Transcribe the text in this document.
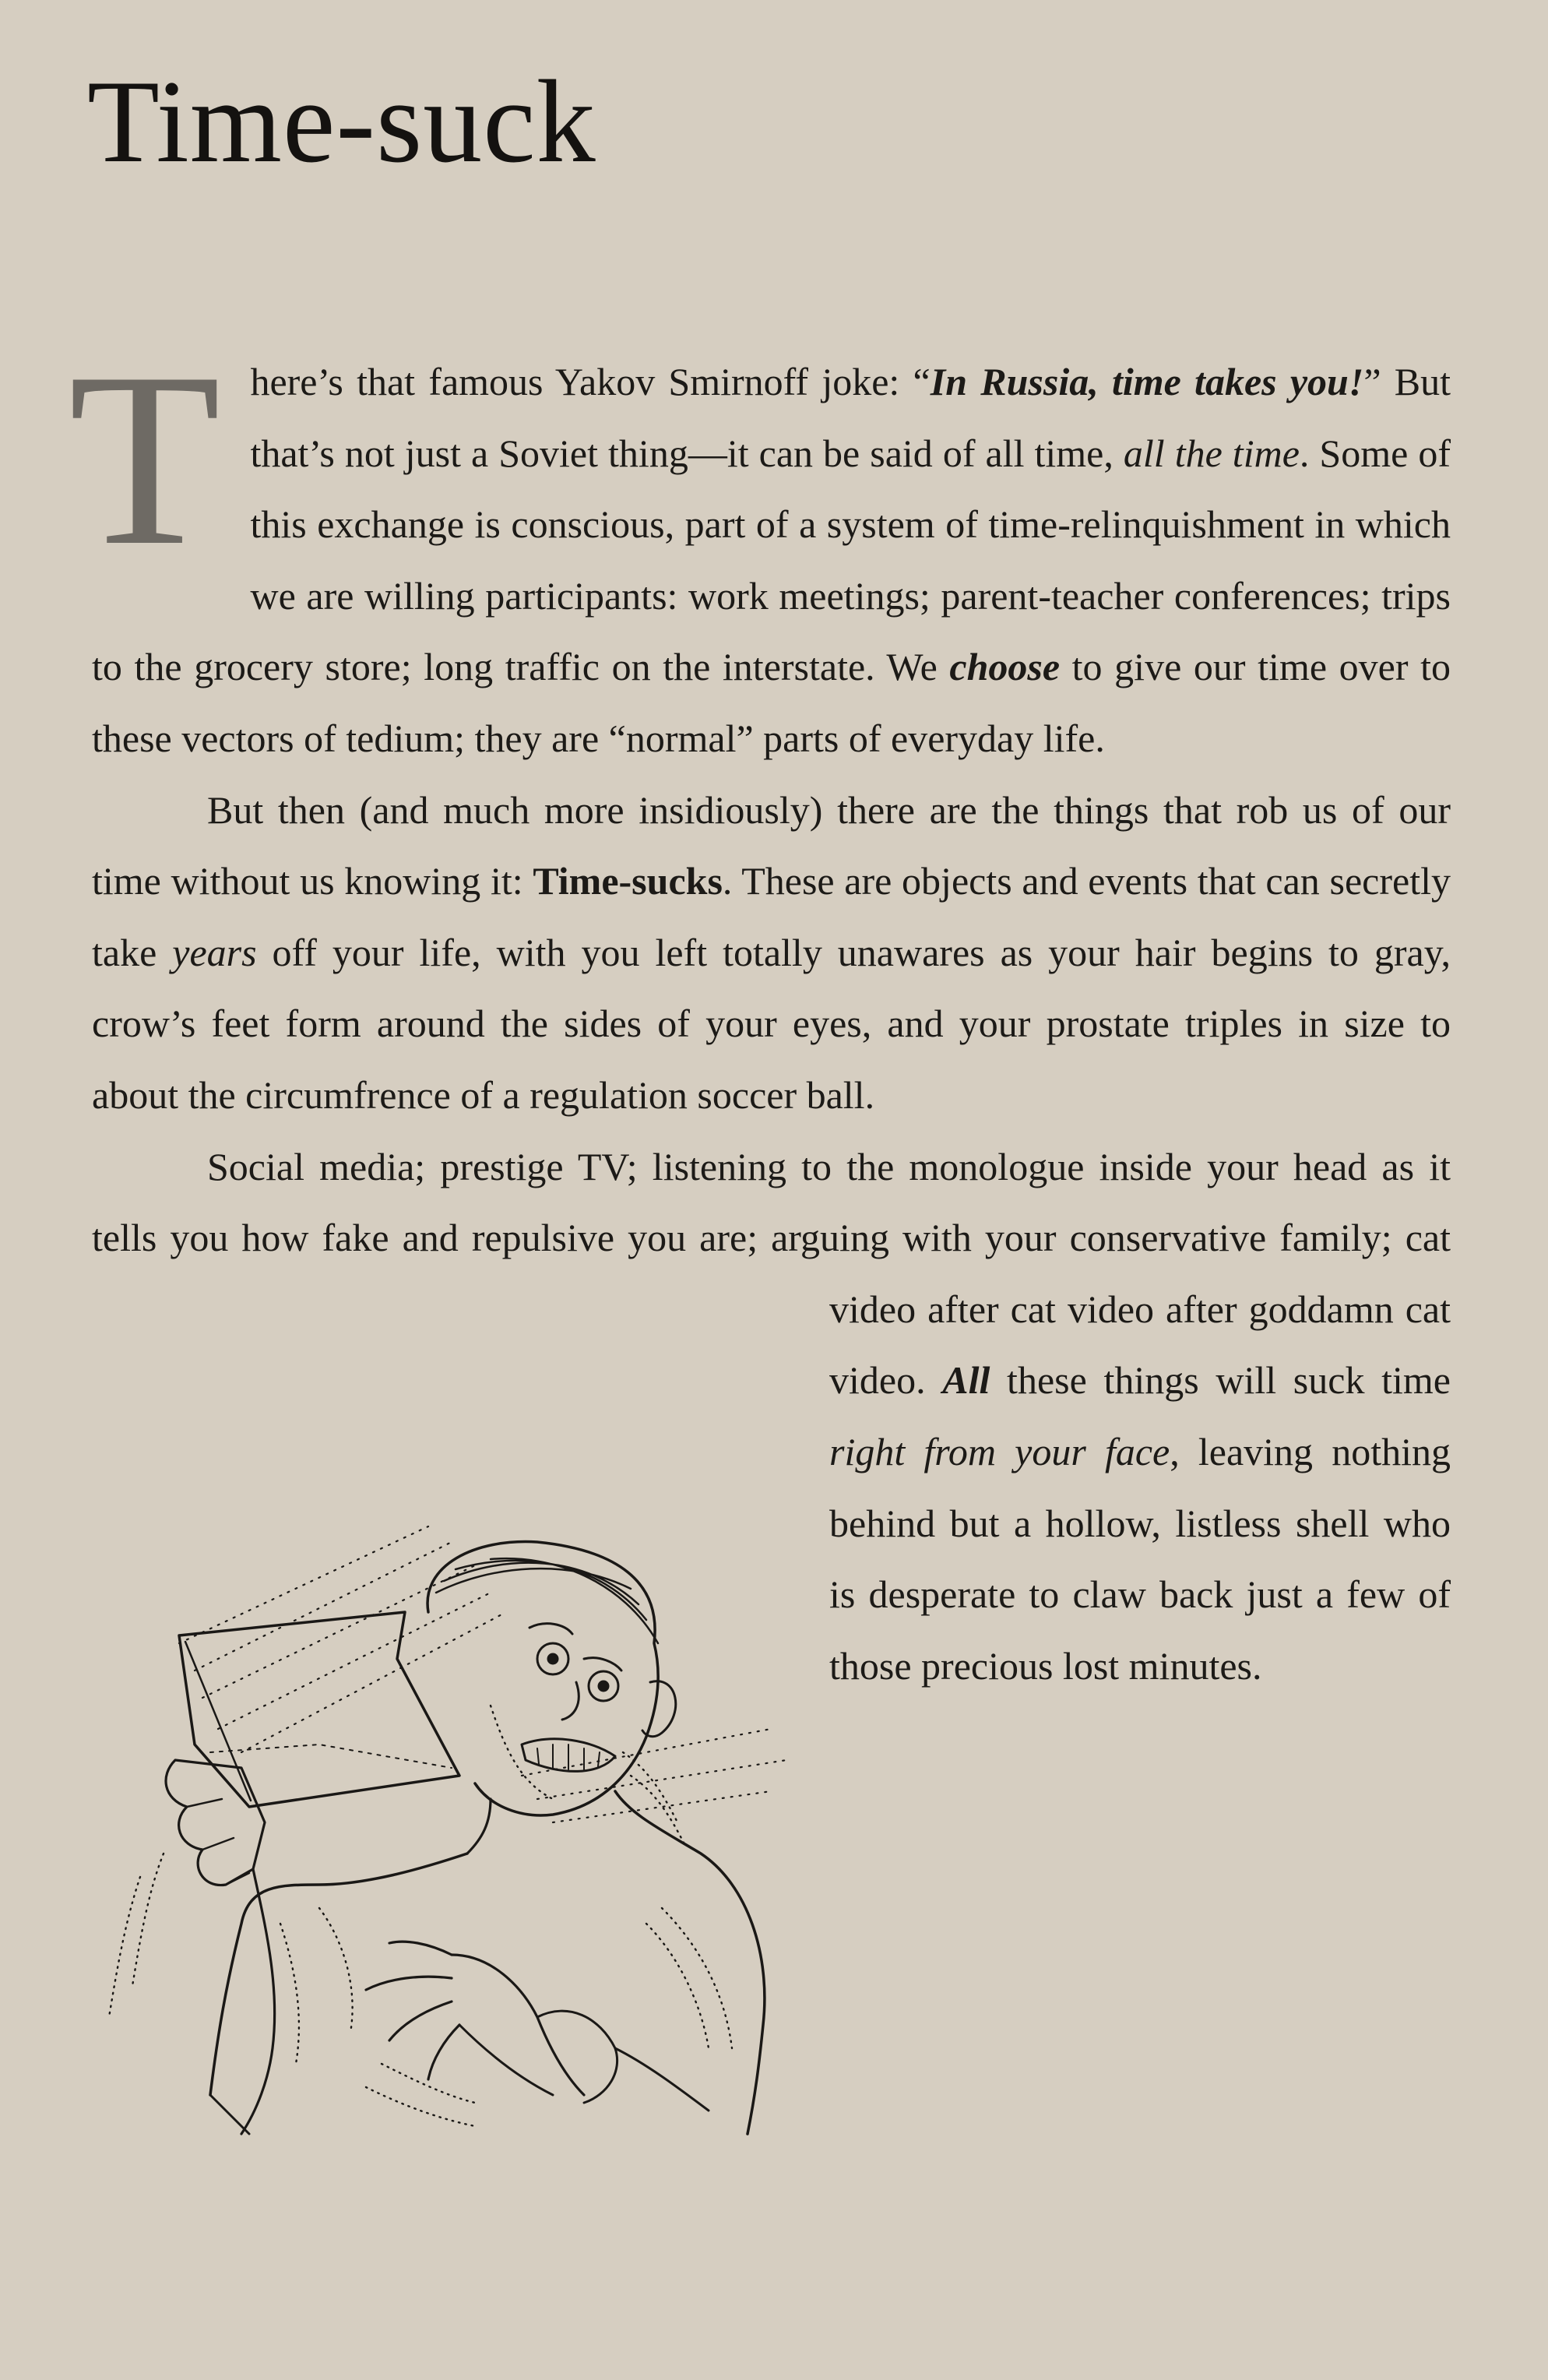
Time-suck

T here’s that famous Yakov Smirnoff joke: “In Russia, time takes you!” But that’s not just a Soviet thing—it can be said of all time, all the time. Some of this exchange is conscious, part of a system of time-relinquishment in which we are willing participants: work meetings; parent-teacher conferences; trips to the grocery store; long traffic on the interstate. We choose to give our time over to these vectors of tedium; they are “normal” parts of everyday life.

But then (and much more insidiously) there are the things that rob us of our time without us knowing it: Time-sucks. These are objects and events that can secretly take years off your life, with you left totally unawares as your hair begins to gray, crow’s feet form around the sides of your eyes, and your prostate triples in size to about the circumfrence of a regulation soccer ball.

Social media; prestige TV; listening to the monologue inside your head as it tells you how fake and repulsive you are; arguing with your conservative family; cat video after cat video after goddamn cat
video. All these things will suck time right from your face, leaving nothing behind but a hollow, listless shell who is desperate to claw back just a few of those precious lost minutes.
